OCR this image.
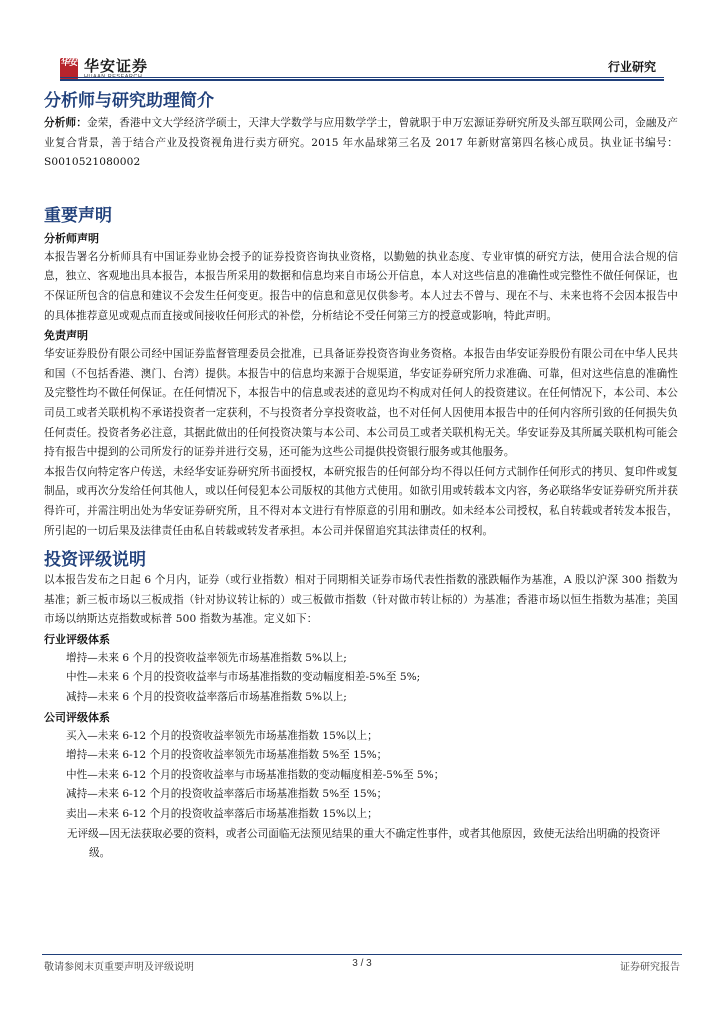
华安 华安证券
HUAAN RESEARCH
行业研究
分析师与研究助理简介

分析师：金荣，香港中文大学经济学硕士，天津大学数学与应用数学学士，曾就职于申万宏源证券研究所及头部互联网公司，金融及产业复合背景，善于结合产业及投资视角进行卖方研究。2015 年水晶球第三名及 2017 年新财富第四名核心成员。执业证书编号：S0010521080002

重要声明
分析师声明

本报告署名分析师具有中国证券业协会授予的证券投资咨询执业资格，以勤勉的执业态度、专业审慎的研究方法，使用合法合规的信息，独立、客观地出具本报告，本报告所采用的数据和信息均来自市场公开信息，本人对这些信息的准确性或完整性不做任何保证，也不保证所包含的信息和建议不会发生任何变更。报告中的信息和意见仅供参考。本人过去不曾与、现在不与、未来也将不会因本报告中的具体推荐意见或观点而直接或间接收任何形式的补偿，分析结论不受任何第三方的授意或影响，特此声明。

免责声明

华安证券股份有限公司经中国证券监督管理委员会批准，已具备证券投资咨询业务资格。本报告由华安证券股份有限公司在中华人民共和国（不包括香港、澳门、台湾）提供。本报告中的信息均来源于合规渠道，华安证券研究所力求准确、可靠，但对这些信息的准确性及完整性均不做任何保证。在任何情况下，本报告中的信息或表述的意见均不构成对任何人的投资建议。在任何情况下，本公司、本公司员工或者关联机构不承诺投资者一定获利，不与投资者分享投资收益，也不对任何人因使用本报告中的任何内容所引致的任何损失负任何责任。投资者务必注意，其据此做出的任何投资决策与本公司、本公司员工或者关联机构无关。华安证券及其所属关联机构可能会持有报告中提到的公司所发行的证券并进行交易，还可能为这些公司提供投资银行服务或其他服务。

本报告仅向特定客户传送，未经华安证券研究所书面授权，本研究报告的任何部分均不得以任何方式制作任何形式的拷贝、复印件或复制品，或再次分发给任何其他人，或以任何侵犯本公司版权的其他方式使用。如欲引用或转载本文内容，务必联络华安证券研究所并获得许可，并需注明出处为华安证券研究所，且不得对本文进行有悖原意的引用和删改。如未经本公司授权，私自转载或者转发本报告，所引起的一切后果及法律责任由私自转载或转发者承担。本公司并保留追究其法律责任的权利。

投资评级说明

以本报告发布之日起 6 个月内，证券（或行业指数）相对于同期相关证券市场代表性指数的涨跌幅作为基准，A 股以沪深 300 指数为基准；新三板市场以三板成指（针对协议转让标的）或三板做市指数（针对做市转让标的）为基准；香港市场以恒生指数为基准；美国市场以纳斯达克指数或标普 500 指数为基准。定义如下：

行业评级体系
增持—未来 6 个月的投资收益率领先市场基准指数 5%以上;
中性—未来 6 个月的投资收益率与市场基准指数的变动幅度相差-5%至 5%;
减持—未来 6 个月的投资收益率落后市场基准指数 5%以上;
公司评级体系
买入—未来 6-12 个月的投资收益率领先市场基准指数 15%以上；
增持—未来 6-12 个月的投资收益率领先市场基准指数 5%至 15%；
中性—未来 6-12 个月的投资收益率与市场基准指数的变动幅度相差-5%至 5%；
减持—未来 6-12 个月的投资收益率落后市场基准指数 5%至 15%；
卖出—未来 6-12 个月的投资收益率落后市场基准指数 15%以上；
无评级—因无法获取必要的资料，或者公司面临无法预见结果的重大不确定性事件，或者其他原因，致使无法给出明确的投资评级。
敬请参阅末页重要声明及评级说明	3 / 3	证券研究报告
